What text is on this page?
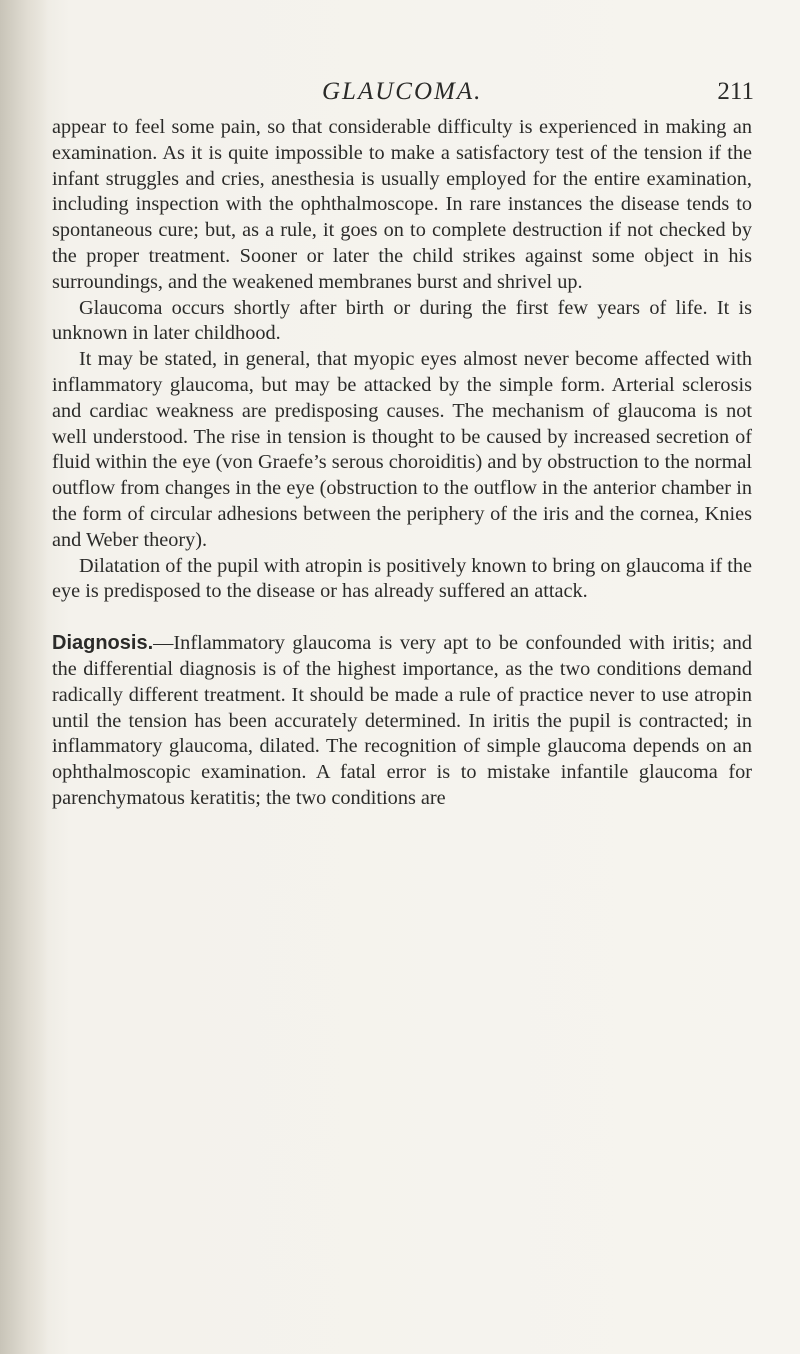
GLAUCOMA.	211

appear to feel some pain, so that considerable difficulty is experienced in making an examination. As it is quite impossible to make a satisfactory test of the tension if the infant struggles and cries, anesthesia is usually employed for the entire examination, including inspection with the ophthalmoscope. In rare instances the disease tends to spontaneous cure; but, as a rule, it goes on to complete destruction if not checked by the proper treatment. Sooner or later the child strikes against some object in his surroundings, and the weakened membranes burst and shrivel up.

Glaucoma occurs shortly after birth or during the first few years of life. It is unknown in later childhood.

It may be stated, in general, that myopic eyes almost never become affected with inflammatory glaucoma, but may be attacked by the simple form. Arterial sclerosis and cardiac weakness are predisposing causes. The mechanism of glaucoma is not well understood. The rise in tension is thought to be caused by increased secretion of fluid within the eye (von Graefe’s serous choroiditis) and by obstruction to the normal outflow from changes in the eye (obstruction to the outflow in the anterior chamber in the form of circular adhesions between the periphery of the iris and the cornea, Knies and Weber theory).

Dilatation of the pupil with atropin is positively known to bring on glaucoma if the eye is predisposed to the disease or has already suffered an attack.

Diagnosis.—Inflammatory glaucoma is very apt to be confounded with iritis; and the differential diagnosis is of the highest importance, as the two conditions demand radically different treatment. It should be made a rule of practice never to use atropin until the tension has been accurately determined. In iritis the pupil is contracted; in inflammatory glaucoma, dilated. The recognition of simple glaucoma depends on an ophthalmoscopic examination. A fatal error is to mistake infantile glaucoma for parenchymatous keratitis; the two conditions are
